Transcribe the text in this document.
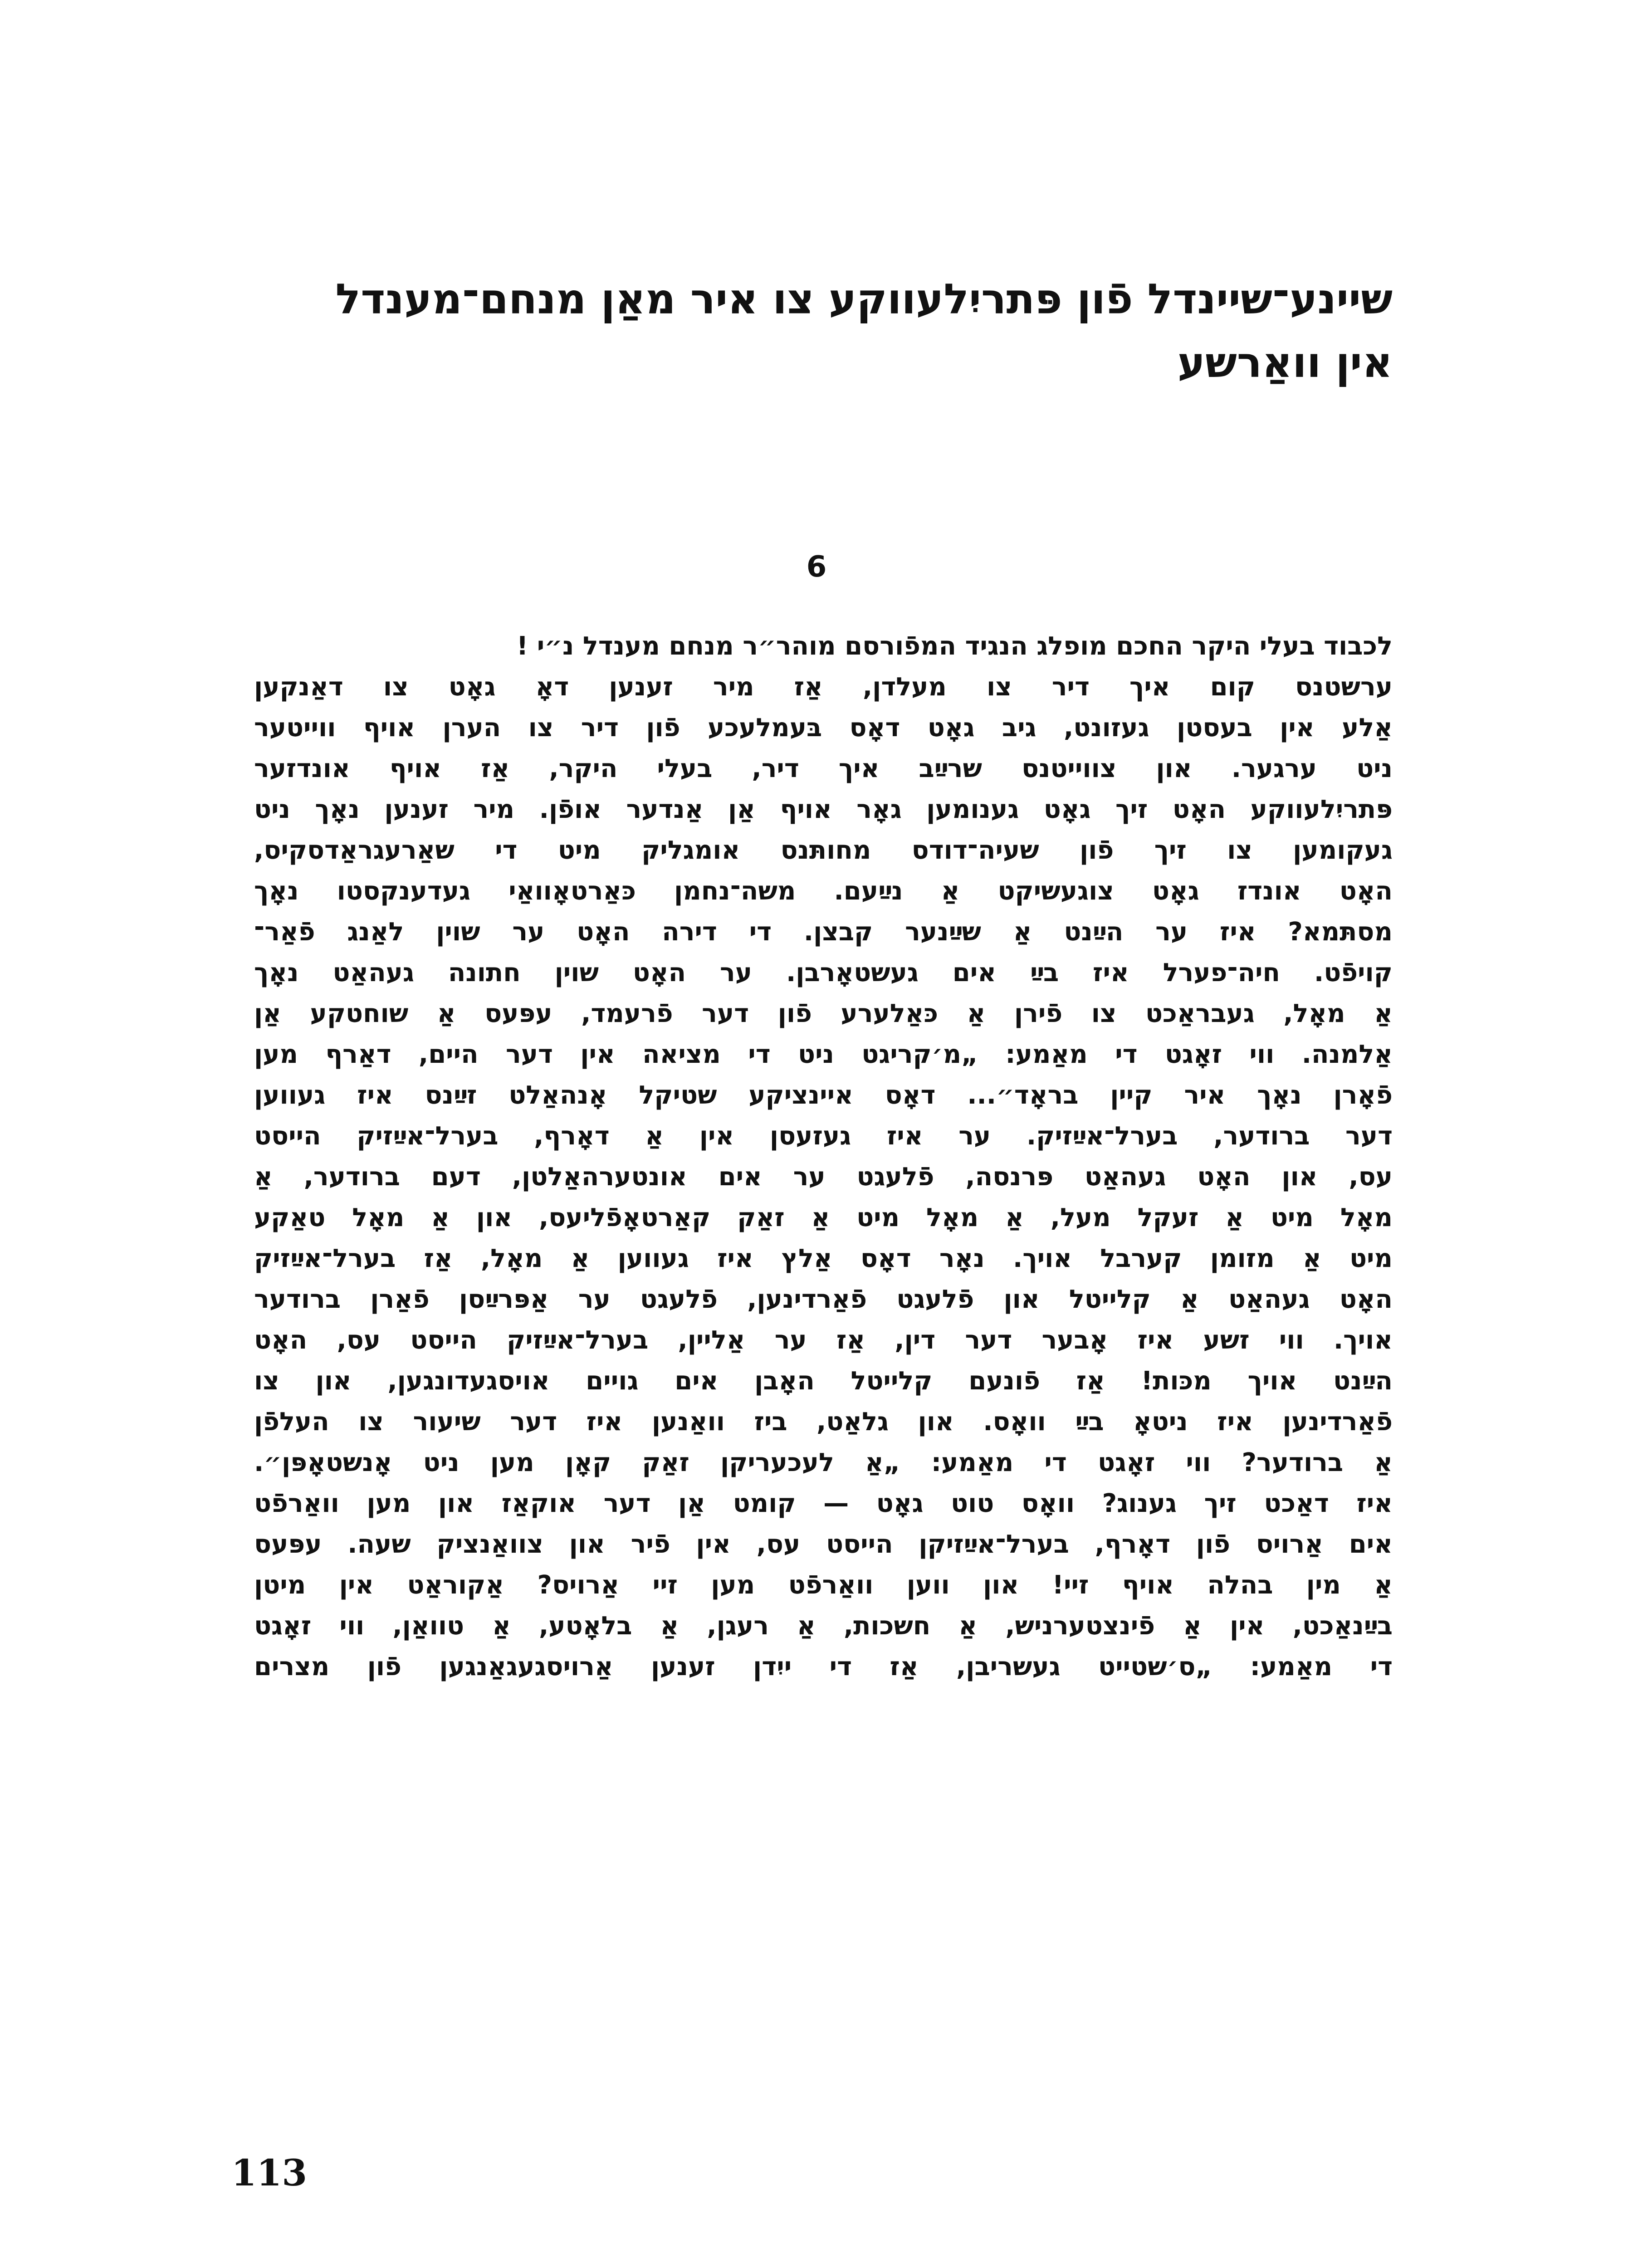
שיינע־שיינדל פֿון פּתריִלעווקע צו איר מאַן מנחם־מענדל
אין וואַרשע
6
לכבוד בעלי היקר החכם מופלג הנגיד המפֿורסם מוהר״ר מנחם מענדל נ״י !
ערשטנס קום איך דיר צו מעלדן, אַז מיר זענען דאָ גאָט צו דאַנקען
אַלע אין בעסטן געזונט, גיב גאָט דאָס בּעמלעכע פֿון דיר צו הערן אויף ווייטער
ניט ערגער. און צווייטנס שרײַב איך דיר, בעלי היקר, אַז אויף אונדזער
פּתריִלעווקע האָט זיך גאָט גענומען גאָר אויף אַן אַנדער אופֿן. מיר זענען נאָך ניט
געקומען צו זיך פֿון שעיה־דודס מחותּנס אומגליק מיט די שאַרעגראַדסקיס,
האָט אונדז גאָט צוגעשיקט אַ נײַעם. משה־נחמן כּאַרטאָוואַי געדענקסטו נאָך
מסתּמא? איז ער הײַנט אַ שײַנער קבצן. די דירה האָט ער שוין לאַנג פֿאַר־
קויפֿט. חיה־פערל איז בײַ אים געשטאָרבן. ער האָט שוין חתונה געהאַט נאָך
אַ מאָל, געבראַכט צו פֿירן אַ כּאַלערע פֿון דער פֿרעמד, עפּעס אַ שוחטקע אַן
אַלמנה. ווי זאָגט די מאַמע: „מ׳קריגט ניט די מציאה אין דער היים, דאַרף מען
פֿאָרן נאָך איר קיין בראָד״... דאָס איינציקע שטיקל אָנהאַלט זײַנס איז געווען
דער ברודער, בערל־אײַזיק. ער איז געזעסן אין אַ דאָרף, בערל־אײַזיק הייסט
עס, און האָט געהאַט פּרנסה, פֿלעגט ער אים אונטערהאַלטן, דעם ברודער, אַ
מאָל מיט אַ זעקל מעל, אַ מאָל מיט אַ זאַק קאַרטאָפֿליעס, און אַ מאָל טאַקע
מיט אַ מזומן קערבל אויך. נאָר דאָס אַלץ איז געווען אַ מאָל, אַז בערל־אײַזיק
האָט געהאַט אַ קלייטל און פֿלעגט פֿאַרדינען, פֿלעגט ער אַפּרײַסן פֿאַרן ברודער
אויך. ווי זשע איז אָבער דער דין, אַז ער אַליין, בערל־אײַזיק הייסט עס, האָט
הײַנט אויך מכּות! אַז פֿונעם קלייטל האָבן אים גויים אויסגעדונגען, און צו
פֿאַרדינען איז ניטאָ בײַ וואָס. און גלאַט, ביז וואַנען איז דער שיעור צו העלפֿן
אַ ברודער? ווי זאָגט די מאַמע: „אַ לעכעריקן זאַק קאָן מען ניט אָנשטאָפּן״.
איז דאַכט זיך גענוג? וואָס טוט גאָט — קומט אַן דער אוקאַז און מען וואַרפֿט
אים אַרויס פֿון דאָרף, בערל־אײַזיקן הייסט עס, אין פֿיר און צוואַנציק שעה. עפּעס
אַ מין בהלה אויף זיי! און ווען וואַרפֿט מען זיי אַרויס? אַקוראַט אין מיטן
בײַנאַכט, אין אַ פֿינצטערניש, אַ חשכות, אַ רעגן, אַ בלאָטע, אַ טוואַן, ווי זאָגט
די מאַמע: „ס׳שטייט געשריבן, אַז די ייִדן זענען אַרויסגעגאַנגען פֿון מצרים
113
